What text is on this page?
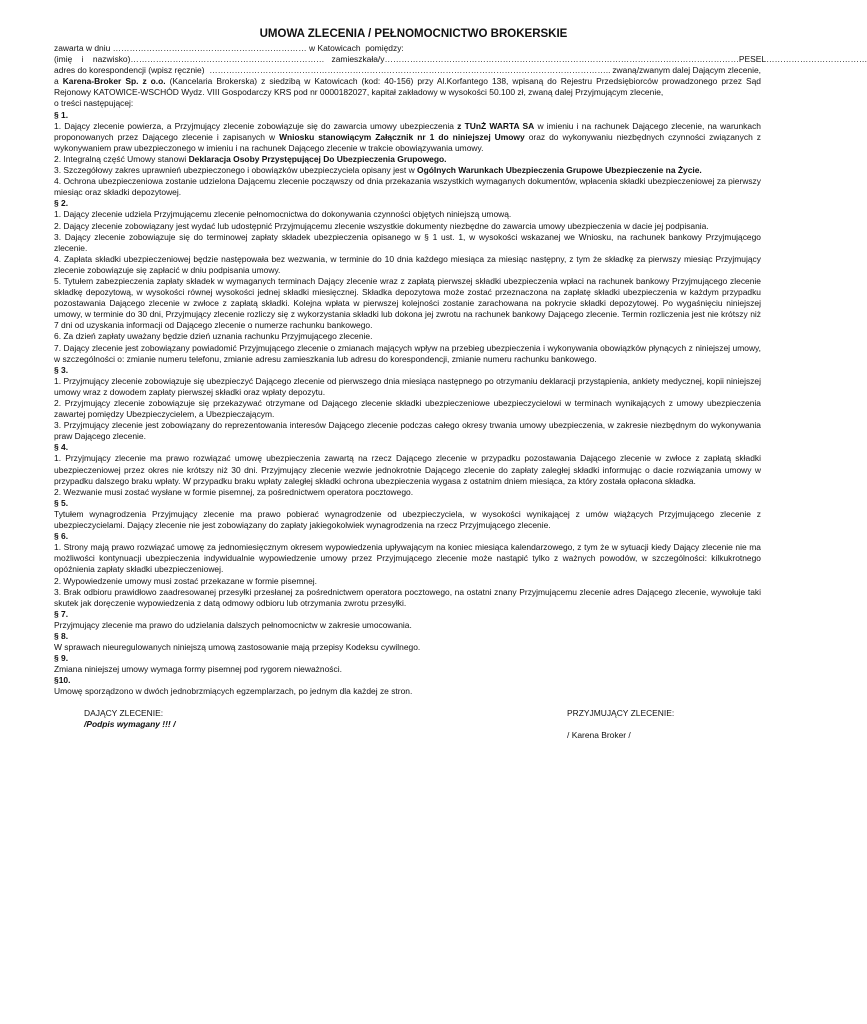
UMOWA ZLECENIA / PEŁNOMOCNICTWO BROKERSKIE

zawarta w dniu …………………………………………………………… w Katowicach  pomiędzy:

(imię    i    nazwisko)……………………………………………………………   zamieszkała/y……………………………………………………………………………………………………………… PESEL………………………………
adres do korespondencji (wpisz ręcznie)  …………………………………………………………………………………………………………………………….. zwaną/zwanym dalej Dającym zlecenie,

a Karena-Broker Sp. z o.o. (Kancelaria Brokerska) z siedzibą w Katowicach (kod: 40-156) przy Al.Korfantego 138, wpisaną do Rejestru Przedsiębiorców prowadzonego przez Sąd Rejonowy KATOWICE-WSCHÓD Wydz. VIII Gospodarczy KRS pod nr 0000182027, kapitał zakładowy w wysokości 50.100 zł, zwaną dalej Przyjmującym zlecenie,

o treści następującej:

§ 1.

1. Dający zlecenie powierza, a Przyjmujący zlecenie zobowiązuje się do zawarcia umowy ubezpieczenia z TUnŻ WARTA SA w imieniu i na rachunek Dającego zlecenie, na warunkach proponowanych przez Dającego zlecenie i zapisanych w Wniosku stanowiącym Załącznik nr 1 do niniejszej Umowy oraz do wykonywaniu niezbędnych czynności związanych z wykonywaniem praw ubezpieczonego w imieniu i na rachunek Dającego zlecenie w trakcie obowiązywania umowy.

2. Integralną część Umowy stanowi Deklaracja Osoby Przystępującej Do Ubezpieczenia Grupowego.

3. Szczegółowy zakres uprawnień ubezpieczonego i obowiązków ubezpieczyciela opisany jest w Ogólnych Warunkach Ubezpieczenia Grupowe Ubezpieczenie na Życie.

4. Ochrona ubezpieczeniowa zostanie udzielona Dającemu zlecenie począwszy od dnia przekazania wszystkich wymaganych dokumentów, wpłacenia składki ubezpieczeniowej za pierwszy miesiąc oraz składki depozytowej.

§ 2.

1. Dający zlecenie udziela Przyjmującemu zlecenie pełnomocnictwa do dokonywania czynności objętych niniejszą umową.

2. Dający zlecenie zobowiązany jest wydać lub udostępnić Przyjmującemu zlecenie wszystkie dokumenty niezbędne do zawarcia umowy ubezpieczenia w dacie jej podpisania.

3. Dający zlecenie zobowiązuje się do terminowej zapłaty składek ubezpieczenia opisanego w § 1 ust. 1, w wysokości wskazanej we Wniosku, na rachunek bankowy Przyjmującego zlecenie.

4. Zapłata składki ubezpieczeniowej będzie następowała bez wezwania, w terminie do 10 dnia każdego miesiąca za miesiąc następny, z tym że składkę za pierwszy miesiąc Przyjmujący zlecenie zobowiązuje się zapłacić w dniu podpisania umowy.

5. Tytułem zabezpieczenia zapłaty składek w wymaganych terminach Dający zlecenie wraz z zapłatą pierwszej składki ubezpieczenia wpłaci na rachunek bankowy Przyjmującego zlecenie składkę depozytową, w wysokości równej wysokości jednej składki miesięcznej. Składka depozytowa może zostać przeznaczona na zapłatę składki ubezpieczenia w każdym przypadku pozostawania Dającego zlecenie w zwłoce z zapłatą składki. Kolejna wpłata w pierwszej kolejności zostanie zarachowana na pokrycie składki depozytowej. Po wygaśnięciu niniejszej umowy, w terminie do 30 dni, Przyjmujący zlecenie rozliczy się z wykorzystania składki lub dokona jej zwrotu na rachunek bankowy Dającego zlecenie. Termin rozliczenia jest nie krótszy niż 7 dni od uzyskania informacji od Dającego zlecenie o numerze rachunku bankowego.

6. Za dzień zapłaty uważany będzie dzień uznania rachunku Przyjmującego zlecenie.

7. Dający zlecenie jest zobowiązany powiadomić Przyjmującego zlecenie o zmianach mających wpływ na przebieg ubezpieczenia i wykonywania obowiązków płynących z niniejszej umowy, w szczególności o: zmianie numeru telefonu, zmianie adresu zamieszkania lub adresu do korespondencji, zmianie numeru rachunku bankowego.

§ 3.

1. Przyjmujący zlecenie zobowiązuje się ubezpieczyć Dającego zlecenie od pierwszego dnia miesiąca następnego po otrzymaniu deklaracji przystąpienia, ankiety medycznej, kopii niniejszej umowy wraz z dowodem zapłaty pierwszej składki oraz wpłaty depozytu.

2. Przyjmujący zlecenie zobowiązuje się przekazywać otrzymane od Dającego zlecenie składki ubezpieczeniowe ubezpieczycielowi w terminach wynikających z umowy ubezpieczenia zawartej pomiędzy Ubezpieczycielem, a Ubezpieczającym.

3. Przyjmujący zlecenie jest zobowiązany do reprezentowania interesów Dającego zlecenie podczas całego okresy trwania umowy ubezpieczenia, w zakresie niezbędnym do wykonywania praw Dającego zlecenie.

§ 4.

1. Przyjmujący zlecenie ma prawo rozwiązać umowę ubezpieczenia zawartą na rzecz Dającego zlecenie w przypadku pozostawania Dającego zlecenie w zwłoce z zapłatą składki ubezpieczeniowej przez okres nie krótszy niż 30 dni. Przyjmujący zlecenie wezwie jednokrotnie Dającego zlecenie do zapłaty zaległej składki informując o dacie rozwiązania umowy w przypadku dalszego braku wpłaty. W przypadku braku wpłaty zaległej składki ochrona ubezpieczenia wygasa z ostatnim dniem miesiąca, za który została opłacona składka.

2. Wezwanie musi zostać wysłane w formie pisemnej, za pośrednictwem operatora pocztowego.

§ 5.

Tytułem wynagrodzenia Przyjmujący zlecenie ma prawo pobierać wynagrodzenie od ubezpieczyciela, w wysokości wynikającej z umów wiążących Przyjmującego zlecenie z ubezpieczycielami. Dający zlecenie nie jest zobowiązany do zapłaty jakiegokolwiek wynagrodzenia na rzecz Przyjmującego zlecenie.

§ 6.

1. Strony mają prawo rozwiązać umowę za jednomiesięcznym okresem wypowiedzenia upływającym na koniec miesiąca kalendarzowego, z tym że w sytuacji kiedy Dający zlecenie nie ma możliwości kontynuacji ubezpieczenia indywidualnie wypowiedzenie umowy przez Przyjmującego zlecenie może nastąpić tylko z ważnych powodów, w szczególności: kilkukrotnego opóźnienia zapłaty składki ubezpieczeniowej.

2. Wypowiedzenie umowy musi zostać przekazane w formie pisemnej.

3. Brak odbioru prawidłowo zaadresowanej przesyłki przesłanej za pośrednictwem operatora pocztowego, na ostatni znany Przyjmującemu zlecenie adres Dającego zlecenie, wywołuje taki skutek jak doręczenie wypowiedzenia z datą odmowy odbioru lub otrzymania zwrotu przesyłki.

§ 7.

Przyjmujący zlecenie ma prawo do udzielania dalszych pełnomocnictw w zakresie umocowania.

§ 8.

W sprawach nieuregulowanych niniejszą umową zastosowanie mają przepisy Kodeksu cywilnego.

§ 9.

Zmiana niniejszej umowy wymaga formy pisemnej pod rygorem nieważności.

§10.

Umowę sporządzono w dwóch jednobrzmiących egzemplarzach, po jednym dla każdej ze stron.

DAJĄCY ZLECENIE:
/Podpis wymagany !!! /
PRZYJMUJĄCY ZLECENIE:
/ Karena Broker /
